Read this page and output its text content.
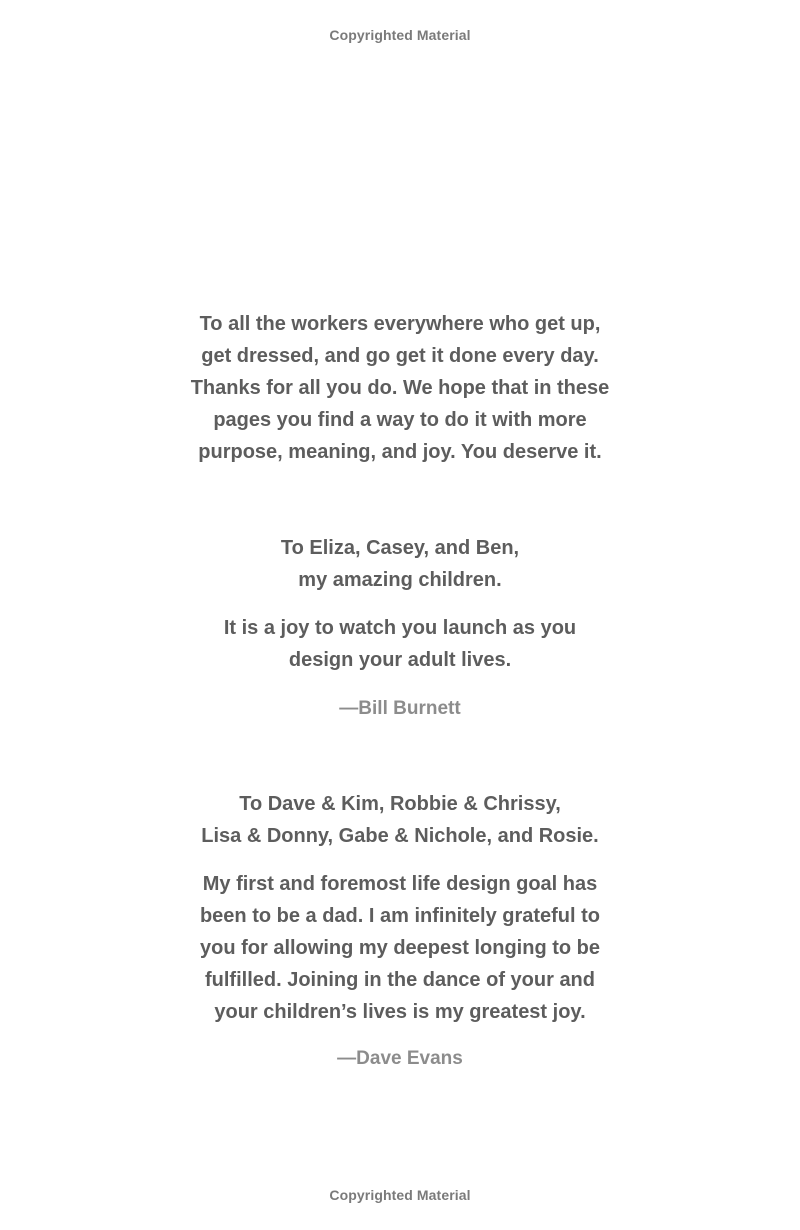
Copyrighted Material
To all the workers everywhere who get up,
get dressed, and go get it done every day.
Thanks for all you do. We hope that in these
pages you find a way to do it with more
purpose, meaning, and joy. You deserve it.
To Eliza, Casey, and Ben,
my amazing children.
It is a joy to watch you launch as you
design your adult lives.
—Bill Burnett
To Dave & Kim, Robbie & Chrissy,
Lisa & Donny, Gabe & Nichole, and Rosie.
My first and foremost life design goal has
been to be a dad. I am infinitely grateful to
you for allowing my deepest longing to be
fulfilled. Joining in the dance of your and
your children’s lives is my greatest joy.
—Dave Evans
Copyrighted Material
